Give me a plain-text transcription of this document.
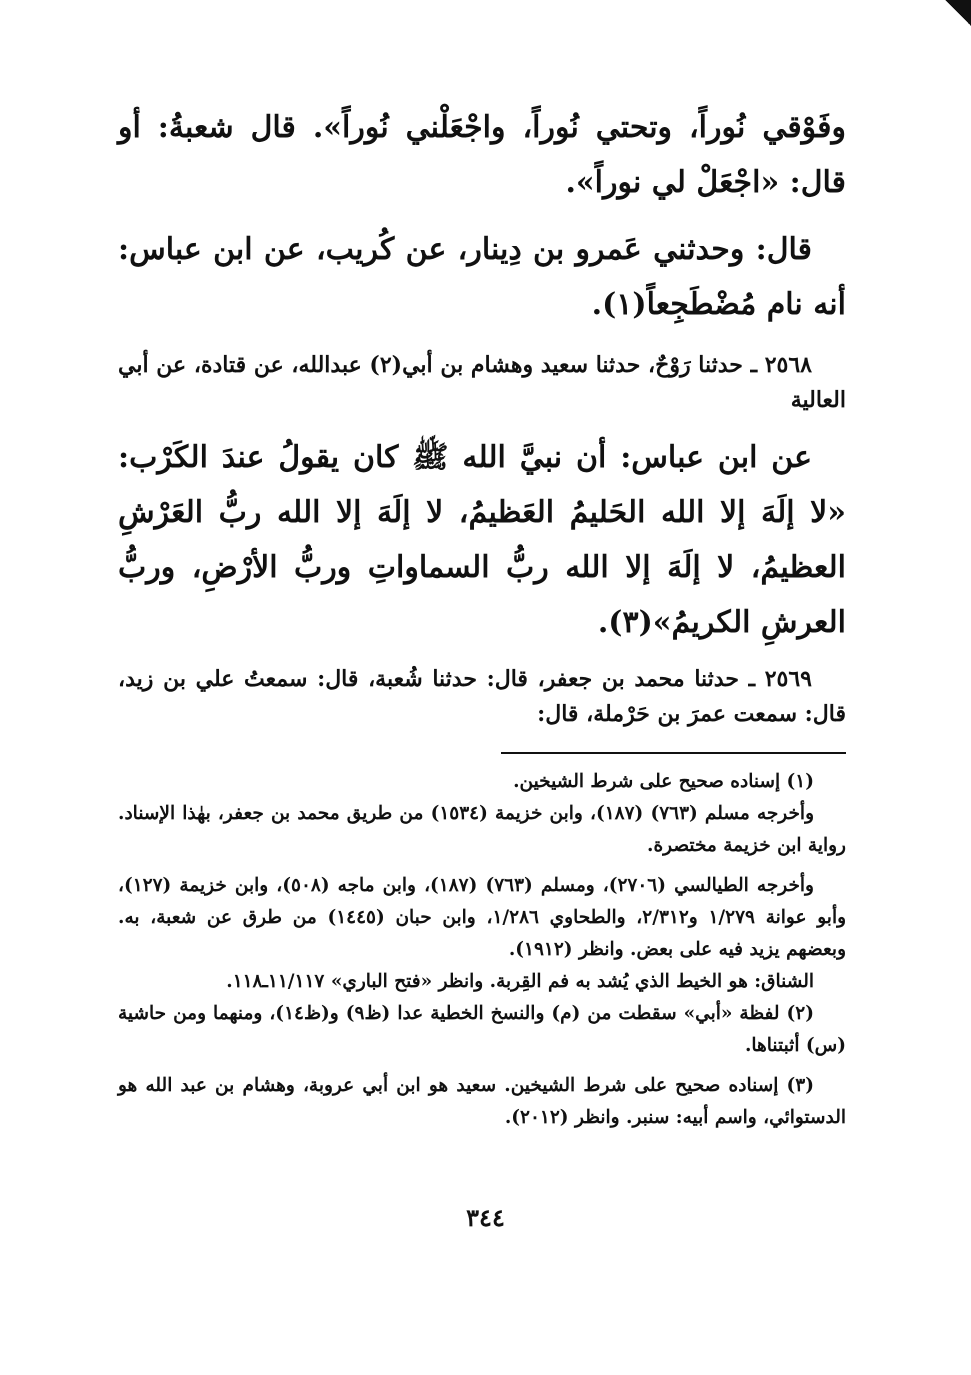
وفَوْقي نُوراً، وتحتي نُوراً، واجْعَلْني نُوراً». قال شعبةُ: أو قال: «اجْعَلْ لي نوراً».

قال: وحدثني عَمرو بن دِينار، عن كُريب، عن ابن عباس: أنه نام مُضْطَجِعاً(١).

٢٥٦٨ ـ حدثنا رَوْحٌ، حدثنا سعيد وهشام بن أبي(٢) عبدالله، عن قتادة، عن أبي العالية

عن ابن عباس: أن نبيَّ الله ﷺ كان يقولُ عندَ الكَرْب: «لا إلَهَ إلا الله الحَليمُ العَظيمُ، لا إلَهَ إلا الله ربُّ العَرْشِ العظيمُ، لا إلَهَ إلا الله ربُّ السماواتِ وربُّ الأرْضِ، وربُّ العرشِ الكريمُ»(٣).

٢٥٦٩ ـ حدثنا محمد بن جعفر، قال: حدثنا شُعبة، قال: سمعتُ علي بن زيد، قال: سمعت عمرَ بن حَرْملة، قال:

(١) إسناده صحيح على شرط الشيخين.

وأخرجه مسلم (٧٦٣) (١٨٧)، وابن خزيمة (١٥٣٤) من طريق محمد بن جعفر، بهٰذا الإسناد. رواية ابن خزيمة مختصرة.

وأخرجه الطيالسي (٢٧٠٦)، ومسلم (٧٦٣) (١٨٧)، وابن ماجه (٥٠٨)، وابن خزيمة (١٢٧)، وأبو عوانة ١/٢٧٩ و٢/٣١٢، والطحاوي ١/٢٨٦، وابن حبان (١٤٤٥) من طرق عن شعبة، به. وبعضهم يزيد فيه على بعض. وانظر (١٩١٢).

الشناق: هو الخيط الذي يُشد به فم القِربة. وانظر «فتح الباري» ١١/١١٧ـ١١٨.

(٢) لفظة «أبي» سقطت من (م) والنسخ الخطية عدا (ظ٩) و(ظ١٤)، ومنهما ومن حاشية (س) أثبتناها.

(٣) إسناده صحيح على شرط الشيخين. سعيد هو ابن أبي عروبة، وهشام بن عبد الله هو الدستوائي، واسم أبيه: سنبر. وانظر (٢٠١٢).

٣٤٤
